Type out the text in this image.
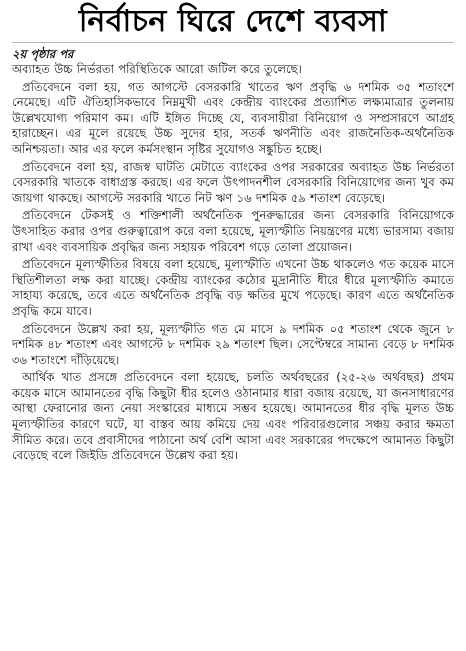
নির্বাচন ঘিরে দেশে ব্যবসা
২য় পৃষ্ঠার পর

অব্যাহত উচ্চ নির্ভরতা পরিস্থিতিকে আরো জটিল করে তুলেছে।

প্রতিবেদনে বলা হয়, গত আগস্টে বেসরকারি খাতের ঋণ প্রবৃদ্ধি ৬ দশমিক ৩৫ শতাংশে নেমেছে। এটি ঐতিহাসিকভাবে নিম্নমুখী এবং কেন্দ্রীয় ব্যাংকের প্রত্যাশিত লক্ষ্যমাত্রার তুলনায় উল্লেখযোগ্য পরিমাণ কম। এটি ইঙ্গিত দিচ্ছে যে, ব্যবসায়ীরা বিনিয়োগ ও সম্প্রসারণে আগ্রহ হারাচ্ছেন। এর মূলে রয়েছে উচ্চ সুদের হার, সতর্ক ঋণনীতি এবং রাজনৈতিক-অর্থনৈতিক অনিশ্চয়তা। আর এর ফলে কর্মসংস্থান সৃষ্টির সুযোগও সঙ্কুচিত হচ্ছে।

প্রতিবেদনে বলা হয়, রাজস্ব ঘাটতি মেটাতে ব্যাংকের ওপর সরকারের অব্যাহত উচ্চ নির্ভরতা বেসরকারি খাতকে বাধাগ্রস্ত করছে। এর ফলে উৎপাদনশীল বেসরকারি বিনিয়োগের জন্য খুব কম জায়গা থাকছে। আগস্টে সরকারি খাতে নিট ঋণ ১৬ দশমিক ৫৯ শতাংশ বেড়েছে।

প্রতিবেদনে টেকসই ও শক্তিশালী অর্থনৈতিক পুনরুদ্ধারের জন্য বেসরকারি বিনিয়োগকে উৎসাহিত করার ওপর গুরুত্বারোপ করে বলা হয়েছে, মূল্যস্ফীতি নিয়ন্ত্রণের মধ্যে ভারসাম্য বজায় রাখা এবং ব্যবসায়িক প্রবৃদ্ধির জন্য সহায়ক পরিবেশ গড়ে তোলা প্রয়োজন।

প্রতিবেদনে মূল্যস্ফীতির বিষয়ে বলা হয়েছে, মূল্যস্ফীতি এখনো উচ্চ থাকলেও গত কয়েক মাসে স্থিতিশীলতা লক্ষ করা যাচ্ছে। কেন্দ্রীয় ব্যাংকের কঠোর মুদ্রানীতি ধীরে ধীরে মূল্যস্ফীতি কমাতে সাহায্য করেছে, তবে এতে অর্থনৈতিক প্রবৃদ্ধি বড় ক্ষতির মুখে পড়েছে। কারণ এতে অর্থনৈতিক প্রবৃদ্ধি কমে যাবে।

প্রতিবেদনে উল্লেখ করা হয়, মূল্যস্ফীতি গত মে মাসে ৯ দশমিক ০৫ শতাংশ থেকে জুনে ৮ দশমিক ৪৮ শতাংশ এবং আগস্টে ৮ দশমিক ২৯ শতাংশ ছিল। সেপ্টেম্বরে সামান্য বেড়ে ৮ দশমিক ৩৬ শতাংশে দাঁড়িয়েছে।

আর্থিক খাত প্রসঙ্গে প্রতিবেদনে বলা হয়েছে, চলতি অর্থবছরের (২৫-২৬ অর্থবছর) প্রথম কয়েক মাসে আমানতের বৃদ্ধি কিছুটা ধীর হলেও ওঠানামার ধারা বজায় রয়েছে, যা জনসাধারণের আস্থা ফেরানোর জন্য নেয়া সংস্কারের মাধ্যমে সম্ভব হয়েছে। আমানতের ধীর বৃদ্ধি মূলত উচ্চ মূল্যস্ফীতির কারণে ঘটে, যা বাস্তব আয় কমিয়ে দেয় এবং পরিবারগুলোর সঞ্চয় করার ক্ষমতা সীমিত করে। তবে প্রবাসীদের পাঠানো অর্থ বেশি আসা এবং সরকারের পদক্ষেপে আমানত কিছুটা বেড়েছে বলে জিইডি প্রতিবেদনে উল্লেখ করা হয়।
